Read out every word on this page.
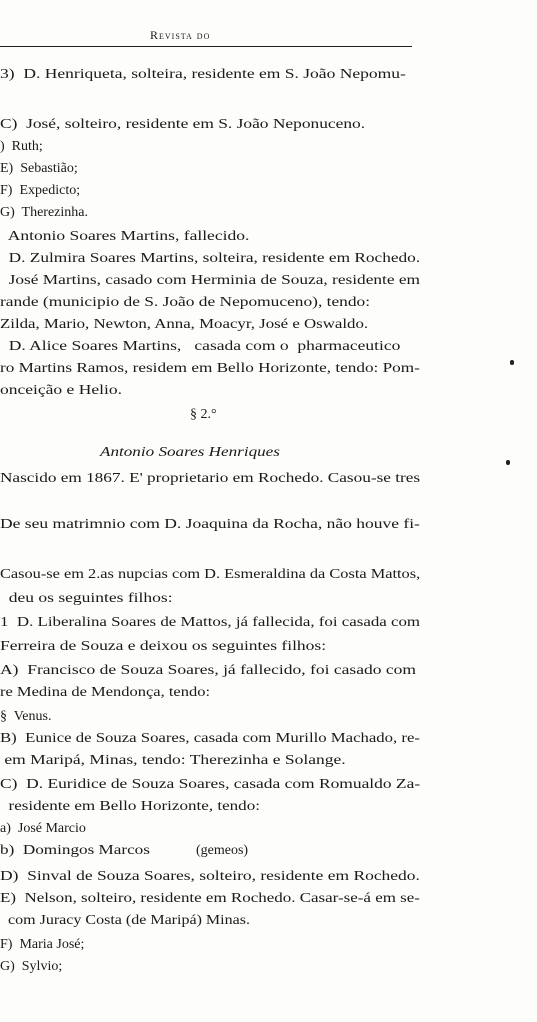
Revista do
3)  D. Henriqueta, solteira, residente em S. João Nepomu-
C)  José, solteiro, residente em S. João Neponuceno.
)  Ruth;
E)  Sebastião;
F)  Expedicto;
G)  Therezinha.
Antonio Soares Martins, fallecido.
D. Zulmira Soares Martins, solteira, residente em Rochedo.
José Martins, casado com Herminia de Souza, residente em
rande (municipio de S. João de Nepomuceno), tendo:
Zilda, Mario, Newton, Anna, Moacyr, José e Oswaldo.
D. Alice Soares Martins,   casada com o  pharmaceutico
ro Martins Ramos, residem em Bello Horizonte, tendo: Pom-
onceição e Helio.
§ 2.°
Antonio Soares Henriques
Nascido em 1867. E' proprietario em Rochedo. Casou-se tres
De seu matrimnio com D. Joaquina da Rocha, não houve fi-
Casou-se em 2.as nupcias com D. Esmeraldina da Costa Mattos,
deu os seguintes filhos:
1  D. Liberalina Soares de Mattos, já fallecida, foi casada com
Ferreira de Souza e deixou os seguintes filhos:
A)  Francisco de Souza Soares, já fallecido, foi casado com
re Medina de Mendonça, tendo:
§  Venus.
B)  Eunice de Souza Soares, casada com Murillo Machado, re-
em Maripá, Minas, tendo: Therezinha e Solange.
C)  D. Euridice de Souza Soares, casada com Romualdo Za-
residente em Bello Horizonte, tendo:
a)  José Marcio
b)  Domingos Marcos	(gemeos)
D)  Sinval de Souza Soares, solteiro, residente em Rochedo.
E)  Nelson, solteiro, residente em Rochedo. Casar-se-á em se-
com Juracy Costa (de Maripá) Minas.
F)  Maria José;
G)  Sylvio;
